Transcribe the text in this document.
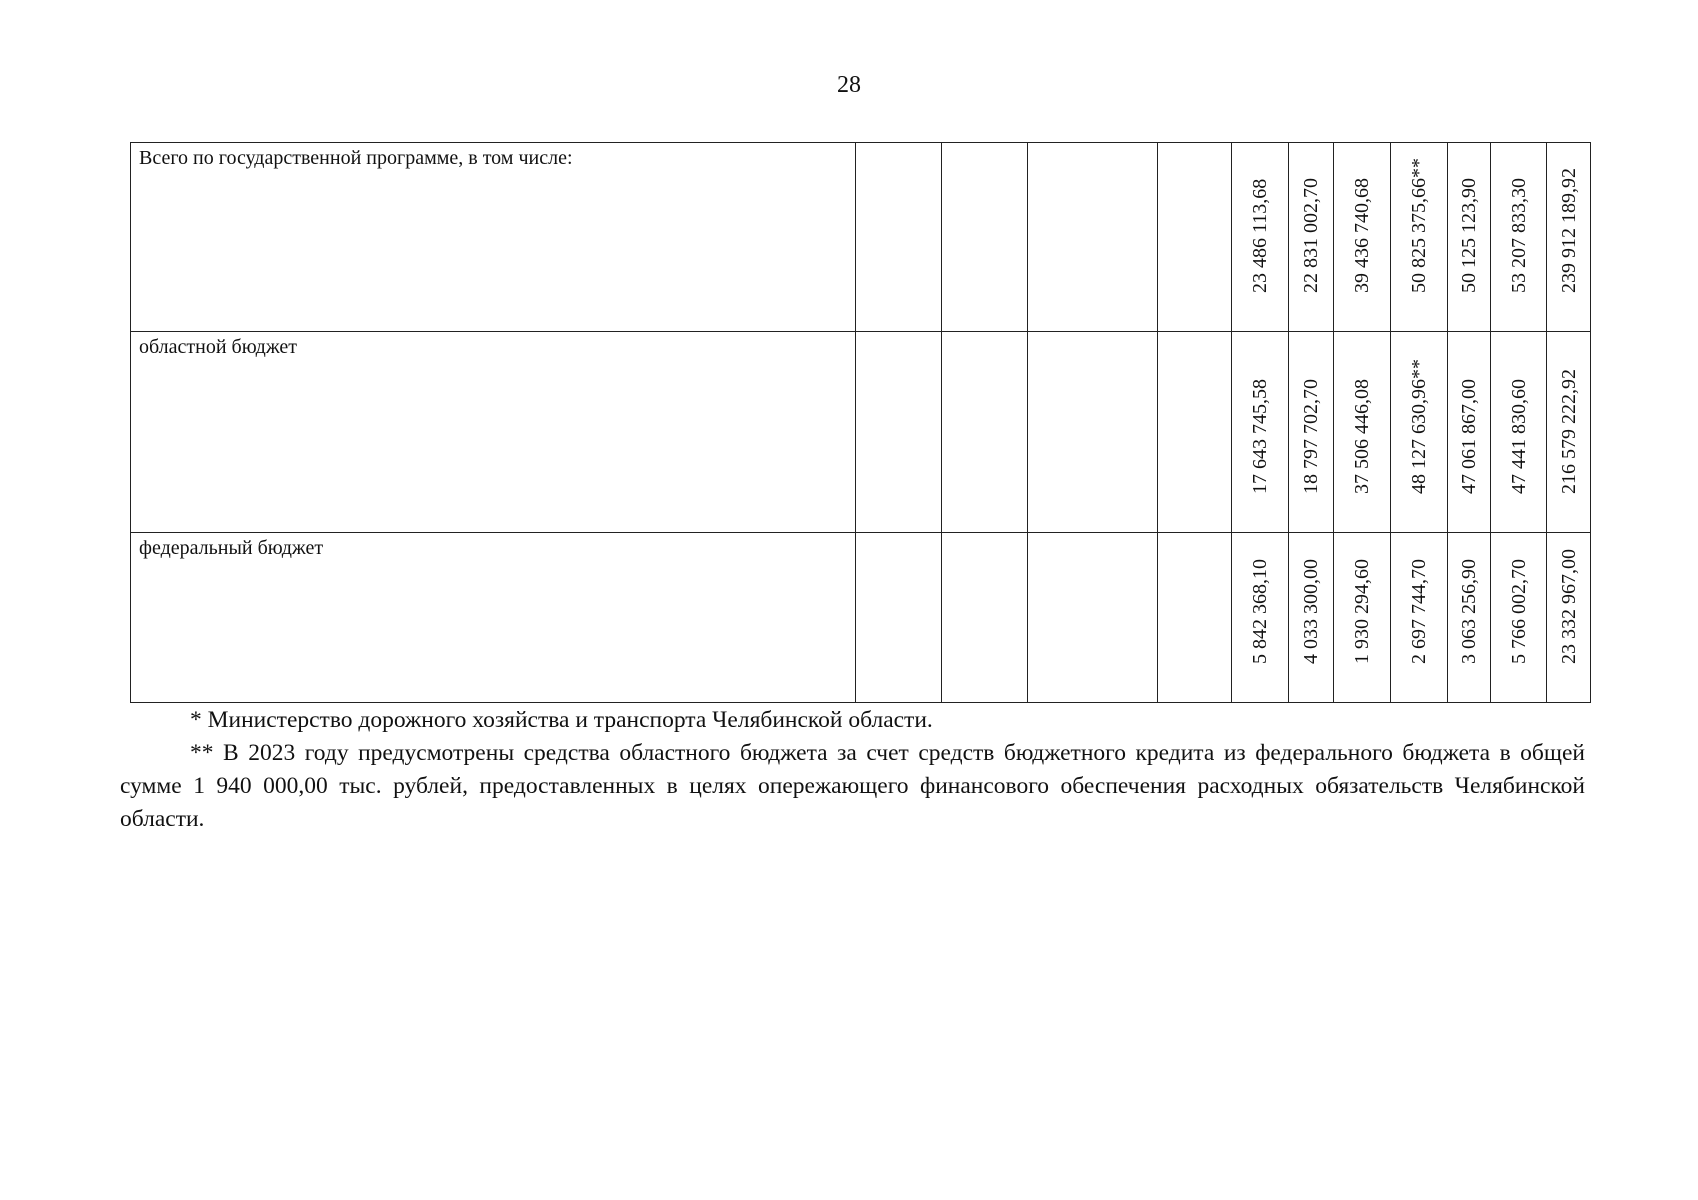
28
Всего по государственной программе, в том числе:					23 486 113,68	22 831 002,70	39 436 740,68	50 825 375,66**	50 125 123,90	53 207 833,30	239 912 189,92

областной бюджет					17 643 745,58	18 797 702,70	37 506 446,08	48 127 630,96**	47 061 867,00	47 441 830,60	216 579 222,92

федеральный бюджет					5 842 368,10	4 033 300,00	1 930 294,60	2 697 744,70	3 063 256,90	5 766 002,70	23 332 967,00

* Министерство дорожного хозяйства и транспорта Челябинской области.

** В 2023 году предусмотрены средства областного бюджета за счет средств бюджетного кредита из федерального бюджета в общей сумме 1 940 000,00 тыс. рублей, предоставленных в целях опережающего финансового обеспечения расходных обязательств Челябинской области.
